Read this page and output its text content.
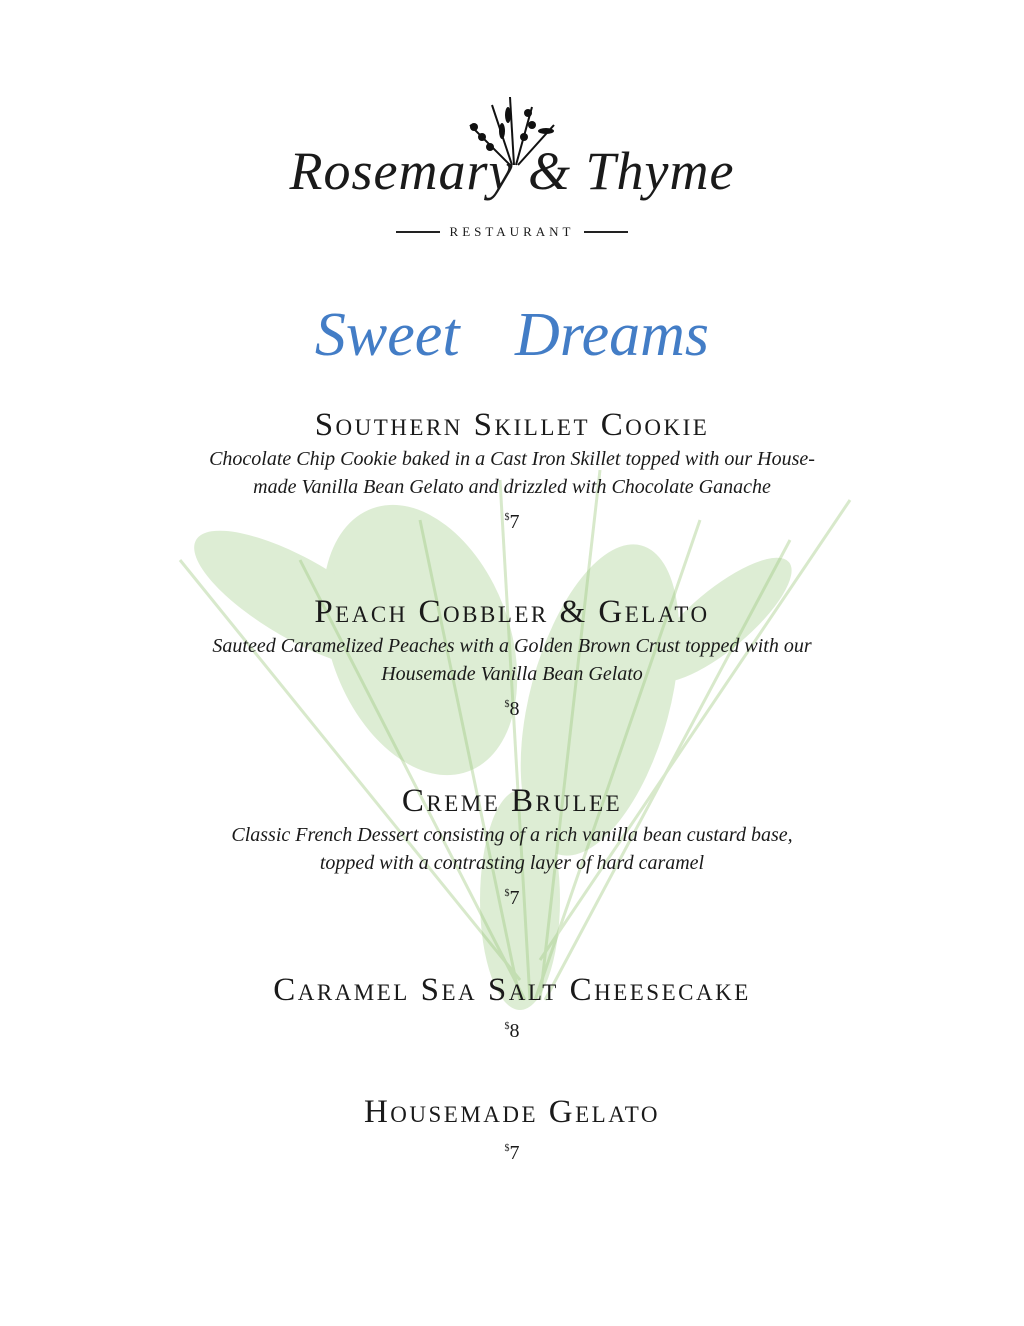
Rosemary & Thyme
RESTAURANT
Sweet Dreams
Southern Skillet Cookie
Chocolate Chip Cookie baked in a Cast Iron Skillet topped with our House-
made Vanilla Bean Gelato and drizzled with Chocolate Ganache
$7
Peach Cobbler & Gelato
Sauteed Caramelized Peaches with a Golden Brown Crust topped with our
Housemade Vanilla Bean Gelato
$8
Creme Brulee
Classic French Dessert consisting of a rich vanilla bean custard base,
topped with a contrasting layer of hard caramel
$7
Caramel Sea Salt Cheesecake
$8
Housemade Gelato
$7
